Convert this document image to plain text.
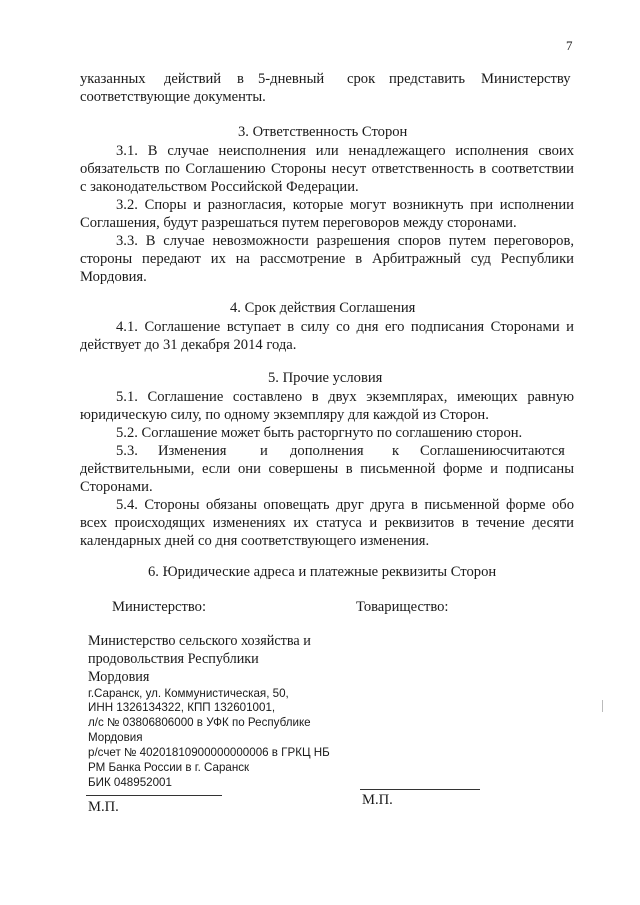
7
указанных действий в 5-дневный срок представить Министерству
соответствующие документы.
3. Ответственность Сторон
3.1. В случае неисполнения или ненадлежащего исполнения своих
обязательств по Соглашению Стороны несут ответственность в соответствии
с законодательством Российской Федерации.
3.2. Споры и разногласия, которые могут возникнуть при исполнении
Соглашения, будут разрешаться путем переговоров между сторонами.
3.3. В случае невозможности разрешения споров путем переговоров,
стороны передают их на рассмотрение в Арбитражный суд Республики
Мордовия.
4. Срок действия Соглашения
4.1. Соглашение вступает в силу со дня его подписания Сторонами и
действует до 31 декабря 2014 года.
5. Прочие условия
5.1. Соглашение составлено в двух экземплярах, имеющих равную
юридическую силу, по одному экземпляру для каждой из Сторон.
5.2. Соглашение может быть расторгнуто по соглашению сторон.
5.3. Изменения и дополнения к Соглашению считаются
действительными, если они совершены в письменной форме и подписаны
Сторонами.
5.4. Стороны обязаны оповещать друг друга в письменной форме обо
всех происходящих изменениях их статуса и реквизитов в течение десяти
календарных дней со дня соответствующего изменения.
6. Юридические адреса и платежные реквизиты Сторон
Министерство:	Товарищество:
Министерство сельского хозяйства и
продовольствия Республики
Мордовия
г.Саранск, ул. Коммунистическая, 50,
ИНН 1326134322, КПП 132601001,
л/с № 03806806000 в УФК по Республике
Мордовия
р/счет № 40201810900000000006 в ГРКЦ НБ
РМ Банка России в г. Саранск
БИК 048952001
М.П.	М.П.
